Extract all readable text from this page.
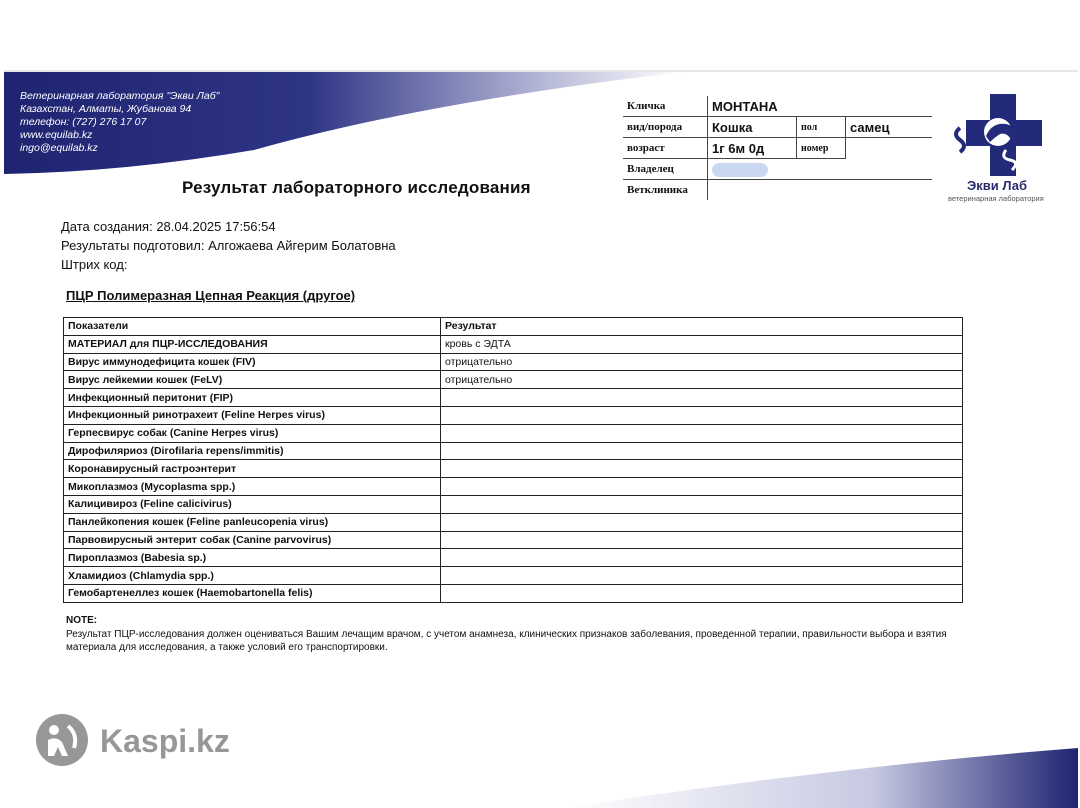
Ветеринарная лаборатория "Экви Лаб"
Казахстан, Алматы, Жубанова 94
телефон: (727) 276 17 07
www.equilab.kz
ingo@equilab.kz
Кличка	МОНТАНА		
вид/порода	Кошка	пол	самец
возраст	1г 6м 0д	номер	
Владелец			
Ветклиника				Экви Лаб
ветеринарная лаборатория
Результат лабораторного исследования
Дата создания: 28.04.2025 17:56:54
Результаты подготовил: Алгожаева Айгерим Болатовна
Штрих код:
ПЦР Полимеразная Цепная Реакция (другое)
Показатели	Результат
МАТЕРИАЛ для ПЦР-ИССЛЕДОВАНИЯ	кровь с ЭДТА
Вирус иммунодефицита кошек (FIV)	отрицательно
Вирус лейкемии кошек (FeLV)	отрицательно
Инфекционный перитонит (FIP)	
Инфекционный ринотрахеит (Feline Herpes virus)	
Герпесвирус собак (Canine Herpes virus)	
Дирофиляриоз (Dirofilaria repens/immitis)	
Коронавирусный гастроэнтерит	
Микоплазмоз (Mycoplasma spp.)	
Калицивироз (Feline calicivirus)	
Панлейкопения кошек (Feline panleucopenia virus)	
Парвовирусный энтерит собак (Canine parvovirus)	
Пироплазмоз (Babesia sp.)	
Хламидиоз (Chlamydia spp.)	
Гемобартенеллез кошек (Haemobartonella felis)	
NOTE:
Результат ПЦР-исследования должен оцениваться Вашим лечащим врачом, с учетом анамнеза, клинических признаков заболевания, проведенной терапии, правильности выбора и взятия материала для исследования, а также условий его транспортировки.
Kaspi.kz
